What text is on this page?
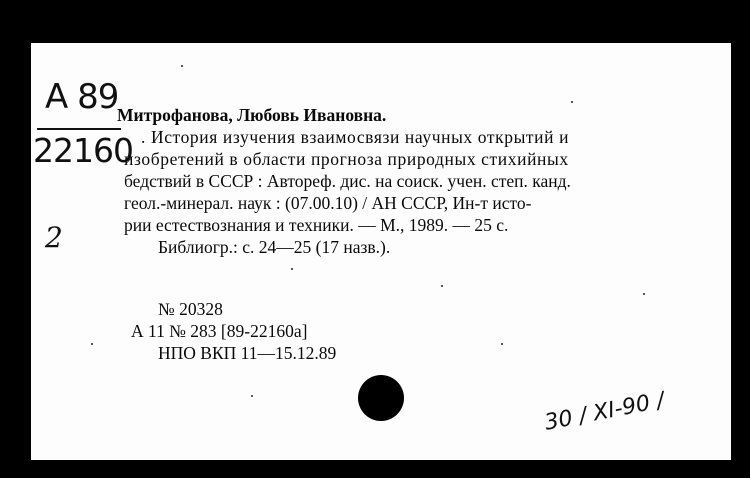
A 89
22160
2
Митрофанова, Любовь Ивановна.
. История изучения взаимосвязи научных открытий и
изобретений в области прогноза природных стихийных
бедствий в СССР : Автореф. дис. на соиск. учен. степ. канд.
геол.-минерал. наук : (07.00.10) / АН СССР, Ин-т исто-
рии естествознания и техники. — М., 1989. — 25 с.
Библиогр.: с. 24—25 (17 назв.).
№ 20328
А 11 № 283 [89-22160а]
НПО ВКП 11—15.12.89
30 / XI-90 /
